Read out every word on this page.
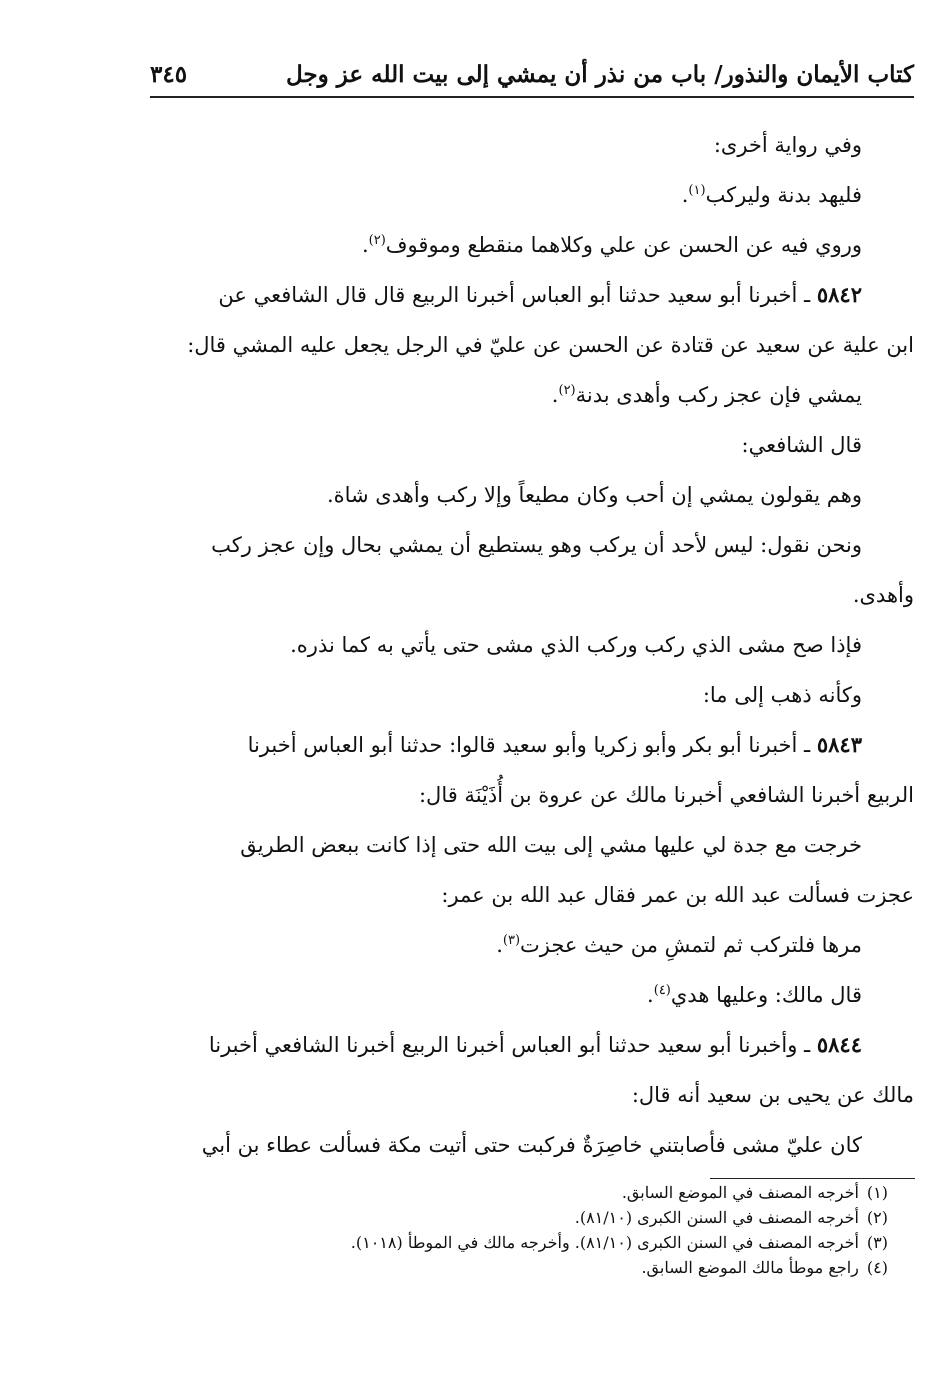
كتاب الأيمان والنذور/ باب من نذر أن يمشي إلى بيت الله عز وجل
٣٤٥
وفي رواية أخرى:
فليهد بدنة وليركب$^{(١)}$.
وروي فيه عن الحسن عن علي وكلاهما منقطع وموقوف$^{(٢)}$.
٥٨٤٢ ـ أخبرنا أبو سعيد حدثنا أبو العباس أخبرنا الربيع قال قال الشافعي عن
ابن علية عن سعيد عن قتادة عن الحسن عن عليّ في الرجل يجعل عليه المشي قال:
يمشي فإن عجز ركب وأهدى بدنة$^{(٢)}$.
قال الشافعي:
وهم يقولون يمشي إن أحب وكان مطيعاً وإلا ركب وأهدى شاة.
ونحن نقول: ليس لأحد أن يركب وهو يستطيع أن يمشي بحال وإن عجز ركب
وأهدى.
فإذا صح مشى الذي ركب وركب الذي مشى حتى يأتي به كما نذره.
وكأنه ذهب إلى ما:
٥٨٤٣ ـ أخبرنا أبو بكر وأبو زكريا وأبو سعيد قالوا: حدثنا أبو العباس أخبرنا
الربيع أخبرنا الشافعي أخبرنا مالك عن عروة بن أُذَيْنَة قال:
خرجت مع جدة لي عليها مشي إلى بيت الله حتى إذا كانت ببعض الطريق
عجزت فسألت عبد الله بن عمر فقال عبد الله بن عمر:
مرها فلتركب ثم لتمشِ من حيث عجزت$^{(٣)}$.
قال مالك: وعليها هدي$^{(٤)}$.
٥٨٤٤ ـ وأخبرنا أبو سعيد حدثنا أبو العباس أخبرنا الربيع أخبرنا الشافعي أخبرنا
مالك عن يحيى بن سعيد أنه قال:
كان عليّ مشى فأصابتني خاصِرَةٌ فركبت حتى أتيت مكة فسألت عطاء بن أبي
(١)أخرجه المصنف في الموضع السابق.
(٢)أخرجه المصنف في السنن الكبرى (٨١/١٠).
(٣)أخرجه المصنف في السنن الكبرى (٨١/١٠). وأخرجه مالك في الموطأ (١٠١٨).
(٤)راجع موطأ مالك الموضع السابق.
